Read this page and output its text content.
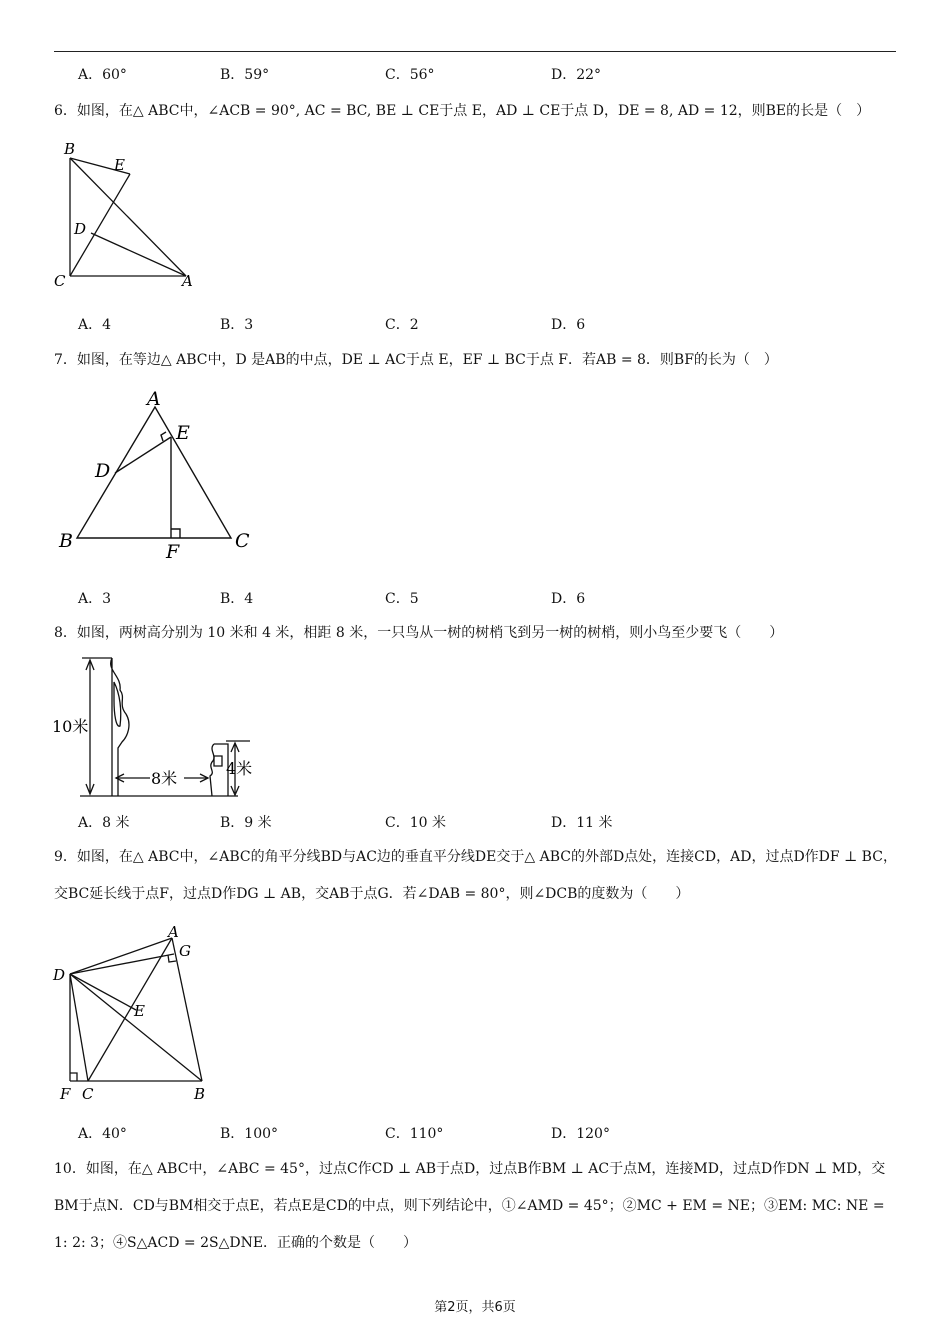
A．60°	B．59°	C．56°	D．22°
6．如图，在△ ABC中，∠ACB = 90°, AC = BC, BE ⊥ CE于点 E，AD ⊥ CE于点 D，DE = 8, AD = 12，则BE的长是（　）
B
E
D
C	A
A．4	B．3	C．2	D．6
7．如图，在等边△ ABC中，D 是AB的中点，DE ⊥ AC于点 E，EF ⊥ BC于点 F．若AB = 8．则BF的长为（　）
A
E
D
B	F	C
A．3	B．4	C．5	D．6
8．如图，两树高分别为 10 米和 4 米，相距 8 米，一只鸟从一树的树梢飞到另一树的树梢，则小鸟至少要飞（　　）
10米
8米
4米
A．8 米	B．9 米	C．10 米	D．11 米
9．如图，在△ ABC中，∠ABC的角平分线BD与AC边的垂直平分线DE交于△ ABC的外部D点处，连接CD，AD，过点D作DF ⊥ BC，交BC延长线于点F，过点D作DG ⊥ AB，交AB于点G．若∠DAB = 80°，则∠DCB的度数为（　　）
A
G
D
E
F C	B
A．40°	B．100°	C．110°	D．120°
10．如图，在△ ABC中，∠ABC = 45°，过点C作CD ⊥ AB于点D，过点B作BM ⊥ AC于点M，连接MD，过点D作DN ⊥ MD，交BM于点N．CD与BM相交于点E，若点E是CD的中点，则下列结论中，①∠AMD = 45°；②MC + EM = NE；③EM: MC: NE = 1: 2: 3；④S△ACD = 2S△DNE．正确的个数是（　　）
第2页，共6页
